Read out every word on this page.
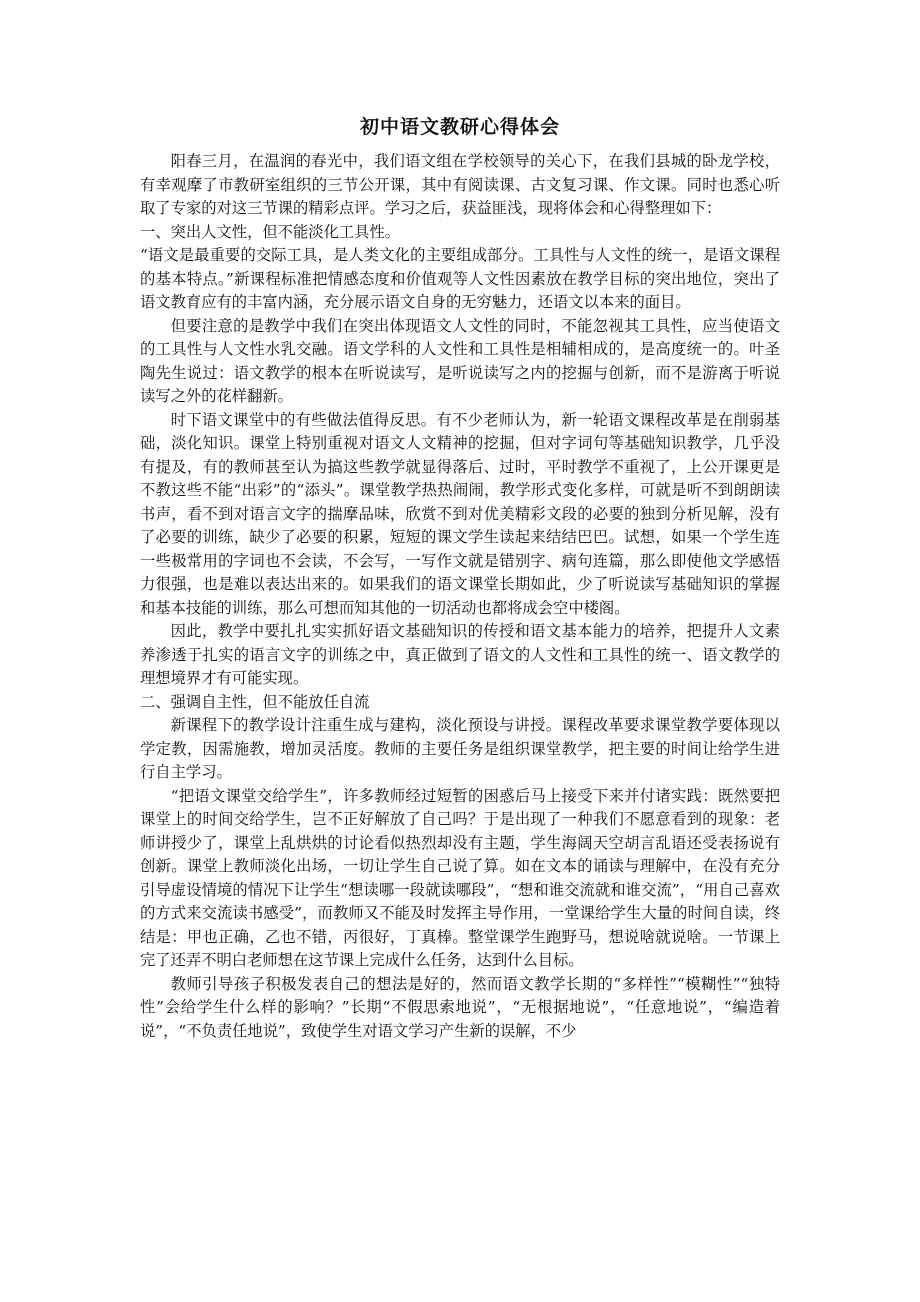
初中语文教研心得体会

阳春三月，在温润的春光中，我们语文组在学校领导的关心下，在我们县城的卧龙学校，有幸观摩了市教研室组织的三节公开课，其中有阅读课、古文复习课、作文课。同时也悉心听取了专家的对这三节课的精彩点评。学习之后，获益匪浅，现将体会和心得整理如下：

一、突出人文性，但不能淡化工具性。

“语文是最重要的交际工具，是人类文化的主要组成部分。工具性与人文性的统一，是语文课程的基本特点。”新课程标准把情感态度和价值观等人文性因素放在教学目标的突出地位，突出了语文教育应有的丰富内涵，充分展示语文自身的无穷魅力，还语文以本来的面目。

但要注意的是教学中我们在突出体现语文人文性的同时，不能忽视其工具性，应当使语文的工具性与人文性水乳交融。语文学科的人文性和工具性是相辅相成的，是高度统一的。叶圣陶先生说过：语文教学的根本在听说读写，是听说读写之内的挖掘与创新，而不是游离于听说读写之外的花样翻新。

时下语文课堂中的有些做法值得反思。有不少老师认为，新一轮语文课程改革是在削弱基础，淡化知识。课堂上特别重视对语文人文精神的挖掘，但对字词句等基础知识教学，几乎没有提及，有的教师甚至认为搞这些教学就显得落后、过时，平时教学不重视了，上公开课更是不教这些不能“出彩”的“添头”。课堂教学热热闹闹，教学形式变化多样，可就是听不到朗朗读书声，看不到对语言文字的揣摩品味，欣赏不到对优美精彩文段的必要的独到分析见解，没有了必要的训练，缺少了必要的积累，短短的课文学生读起来结结巴巴。试想，如果一个学生连一些极常用的字词也不会读，不会写，一写作文就是错别字、病句连篇，那么即使他文学感悟力很强，也是难以表达出来的。如果我们的语文课堂长期如此，少了听说读写基础知识的掌握和基本技能的训练，那么可想而知其他的一切活动也都将成会空中楼阁。

因此，教学中要扎扎实实抓好语文基础知识的传授和语文基本能力的培养，把提升人文素养渗透于扎实的语言文字的训练之中，真正做到了语文的人文性和工具性的统一、语文教学的理想境界才有可能实现。

二、强调自主性，但不能放任自流

新课程下的教学设计注重生成与建构，淡化预设与讲授。课程改革要求课堂教学要体现以学定教，因需施教，增加灵活度。教师的主要任务是组织课堂教学，把主要的时间让给学生进行自主学习。

“把语文课堂交给学生”，许多教师经过短暂的困惑后马上接受下来并付诸实践：既然要把课堂上的时间交给学生，岂不正好解放了自己吗？于是出现了一种我们不愿意看到的现象：老师讲授少了，课堂上乱烘烘的讨论看似热烈却没有主题，学生海阔天空胡言乱语还受表扬说有创新。课堂上教师淡化出场，一切让学生自己说了算。如在文本的诵读与理解中，在没有充分引导虚设情境的情况下让学生“想读哪一段就读哪段”，“想和谁交流就和谁交流”，“用自己喜欢的方式来交流读书感受”，而教师又不能及时发挥主导作用，一堂课给学生大量的时间自读，终结是：甲也正确，乙也不错，丙很好，丁真棒。整堂课学生跑野马，想说啥就说啥。一节课上完了还弄不明白老师想在这节课上完成什么任务，达到什么目标。

教师引导孩子积极发表自己的想法是好的，然而语文教学长期的“多样性”“模糊性”“独特性”会给学生什么样的影响？”长期“不假思索地说”，“无根据地说”，“任意地说”，“编造着说”，“不负责任地说”，致使学生对语文学习产生新的误解，不少
